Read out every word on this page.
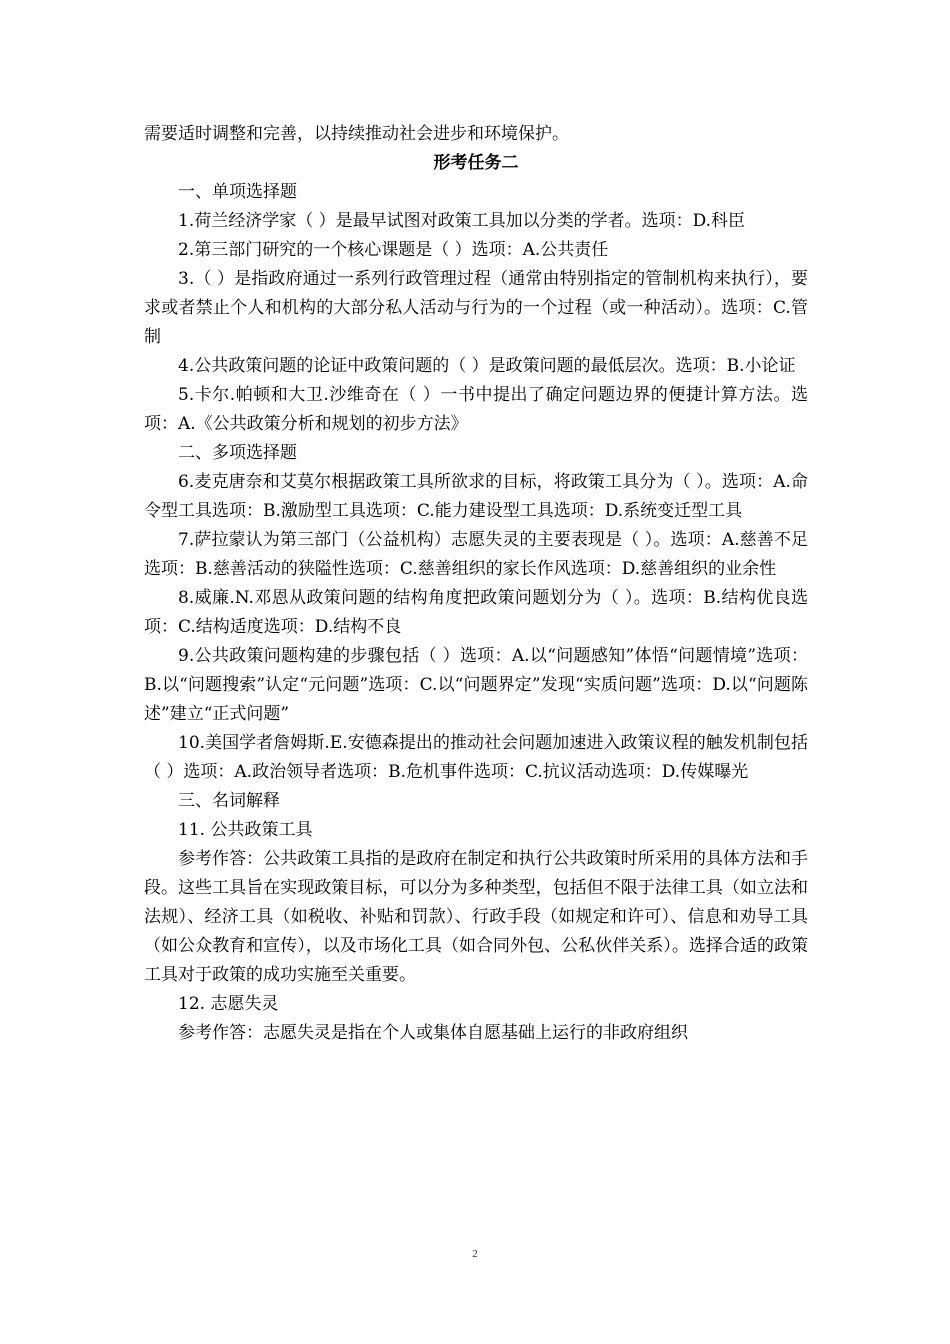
需要适时调整和完善，以持续推动社会进步和环境保护。

形考任务二

一、单项选择题

1.荷兰经济学家（ ）是最早试图对政策工具加以分类的学者。选项：D.科臣

2.第三部门研究的一个核心课题是（ ）选项：A.公共责任

3.（ ）是指政府通过一系列行政管理过程（通常由特别指定的管制机构来执行），要求或者禁止个人和机构的大部分私人活动与行为的一个过程（或一种活动）。选项：C.管制

4.公共政策问题的论证中政策问题的（ ）是政策问题的最低层次。选项：B.小论证

5.卡尔.帕顿和大卫.沙维奇在（ ）一书中提出了确定问题边界的便捷计算方法。选项：A.《公共政策分析和规划的初步方法》

二、多项选择题

6.麦克唐奈和艾莫尔根据政策工具所欲求的目标，将政策工具分为（ ）。选项：A.命令型工具选项：B.激励型工具选项：C.能力建设型工具选项：D.系统变迁型工具

7.萨拉蒙认为第三部门（公益机构）志愿失灵的主要表现是（ ）。选项：A.慈善不足选项：B.慈善活动的狭隘性选项：C.慈善组织的家长作风选项：D.慈善组织的业余性

8.威廉.N.邓恩从政策问题的结构角度把政策问题划分为（ ）。选项：B.结构优良选项：C.结构适度选项：D.结构不良

9.公共政策问题构建的步骤包括（ ）选项：A.以“问题感知”体悟“问题情境”选项：B.以“问题搜索”认定“元问题”选项：C.以“问题界定”发现“实质问题”选项：D.以“问题陈述”建立“正式问题”

10.美国学者詹姆斯.E.安德森提出的推动社会问题加速进入政策议程的触发机制包括（ ）选项：A.政治领导者选项：B.危机事件选项：C.抗议活动选项：D.传媒曝光

三、名词解释

11. 公共政策工具

参考作答：公共政策工具指的是政府在制定和执行公共政策时所采用的具体方法和手段。这些工具旨在实现政策目标，可以分为多种类型，包括但不限于法律工具（如立法和法规）、经济工具（如税收、补贴和罚款）、行政手段（如规定和许可）、信息和劝导工具（如公众教育和宣传），以及市场化工具（如合同外包、公私伙伴关系）。选择合适的政策工具对于政策的成功实施至关重要。

12. 志愿失灵

参考作答：志愿失灵是指在个人或集体自愿基础上运行的非政府组织

2
